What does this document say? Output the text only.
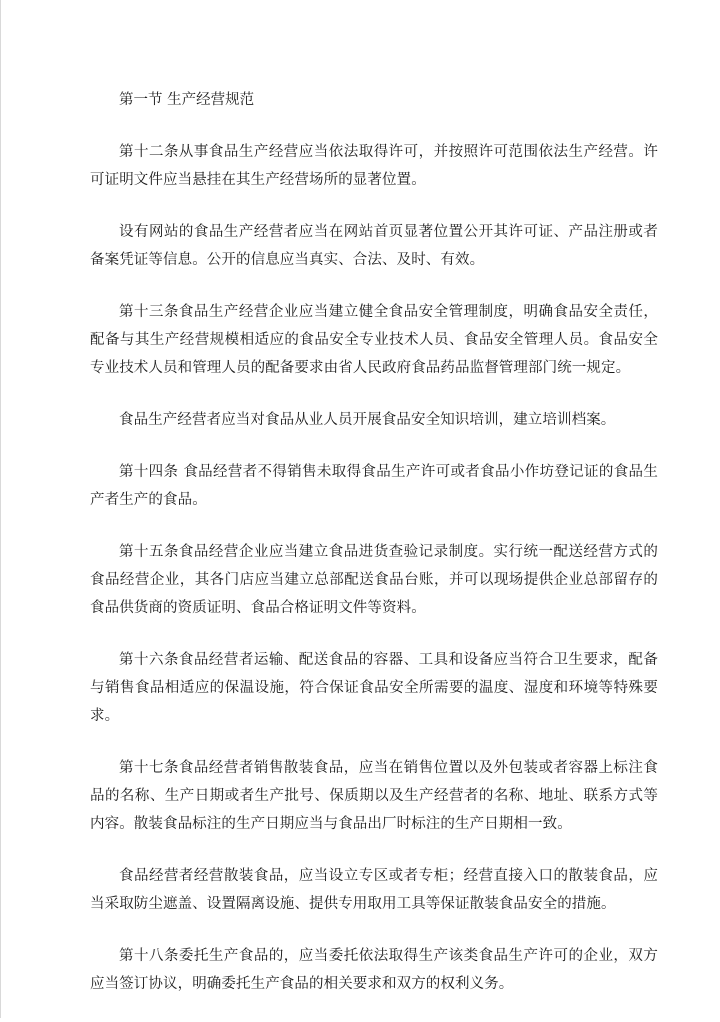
第一节 生产经营规范

第十二条从事食品生产经营应当依法取得许可，并按照许可范围依法生产经营。许可证明文件应当悬挂在其生产经营场所的显著位置。

设有网站的食品生产经营者应当在网站首页显著位置公开其许可证、产品注册或者备案凭证等信息。公开的信息应当真实、合法、及时、有效。

第十三条食品生产经营企业应当建立健全食品安全管理制度，明确食品安全责任，配备与其生产经营规模相适应的食品安全专业技术人员、食品安全管理人员。食品安全专业技术人员和管理人员的配备要求由省人民政府食品药品监督管理部门统一规定。

食品生产经营者应当对食品从业人员开展食品安全知识培训，建立培训档案。

第十四条 食品经营者不得销售未取得食品生产许可或者食品小作坊登记证的食品生产者生产的食品。

第十五条食品经营企业应当建立食品进货查验记录制度。实行统一配送经营方式的食品经营企业，其各门店应当建立总部配送食品台账，并可以现场提供企业总部留存的食品供货商的资质证明、食品合格证明文件等资料。

第十六条食品经营者运输、配送食品的容器、工具和设备应当符合卫生要求，配备与销售食品相适应的保温设施，符合保证食品安全所需要的温度、湿度和环境等特殊要求。

第十七条食品经营者销售散装食品，应当在销售位置以及外包装或者容器上标注食品的名称、生产日期或者生产批号、保质期以及生产经营者的名称、地址、联系方式等内容。散装食品标注的生产日期应当与食品出厂时标注的生产日期相一致。

食品经营者经营散装食品，应当设立专区或者专柜；经营直接入口的散装食品，应当采取防尘遮盖、设置隔离设施、提供专用取用工具等保证散装食品安全的措施。

第十八条委托生产食品的，应当委托依法取得生产该类食品生产许可的企业，双方应当签订协议，明确委托生产食品的相关要求和双方的权利义务。
